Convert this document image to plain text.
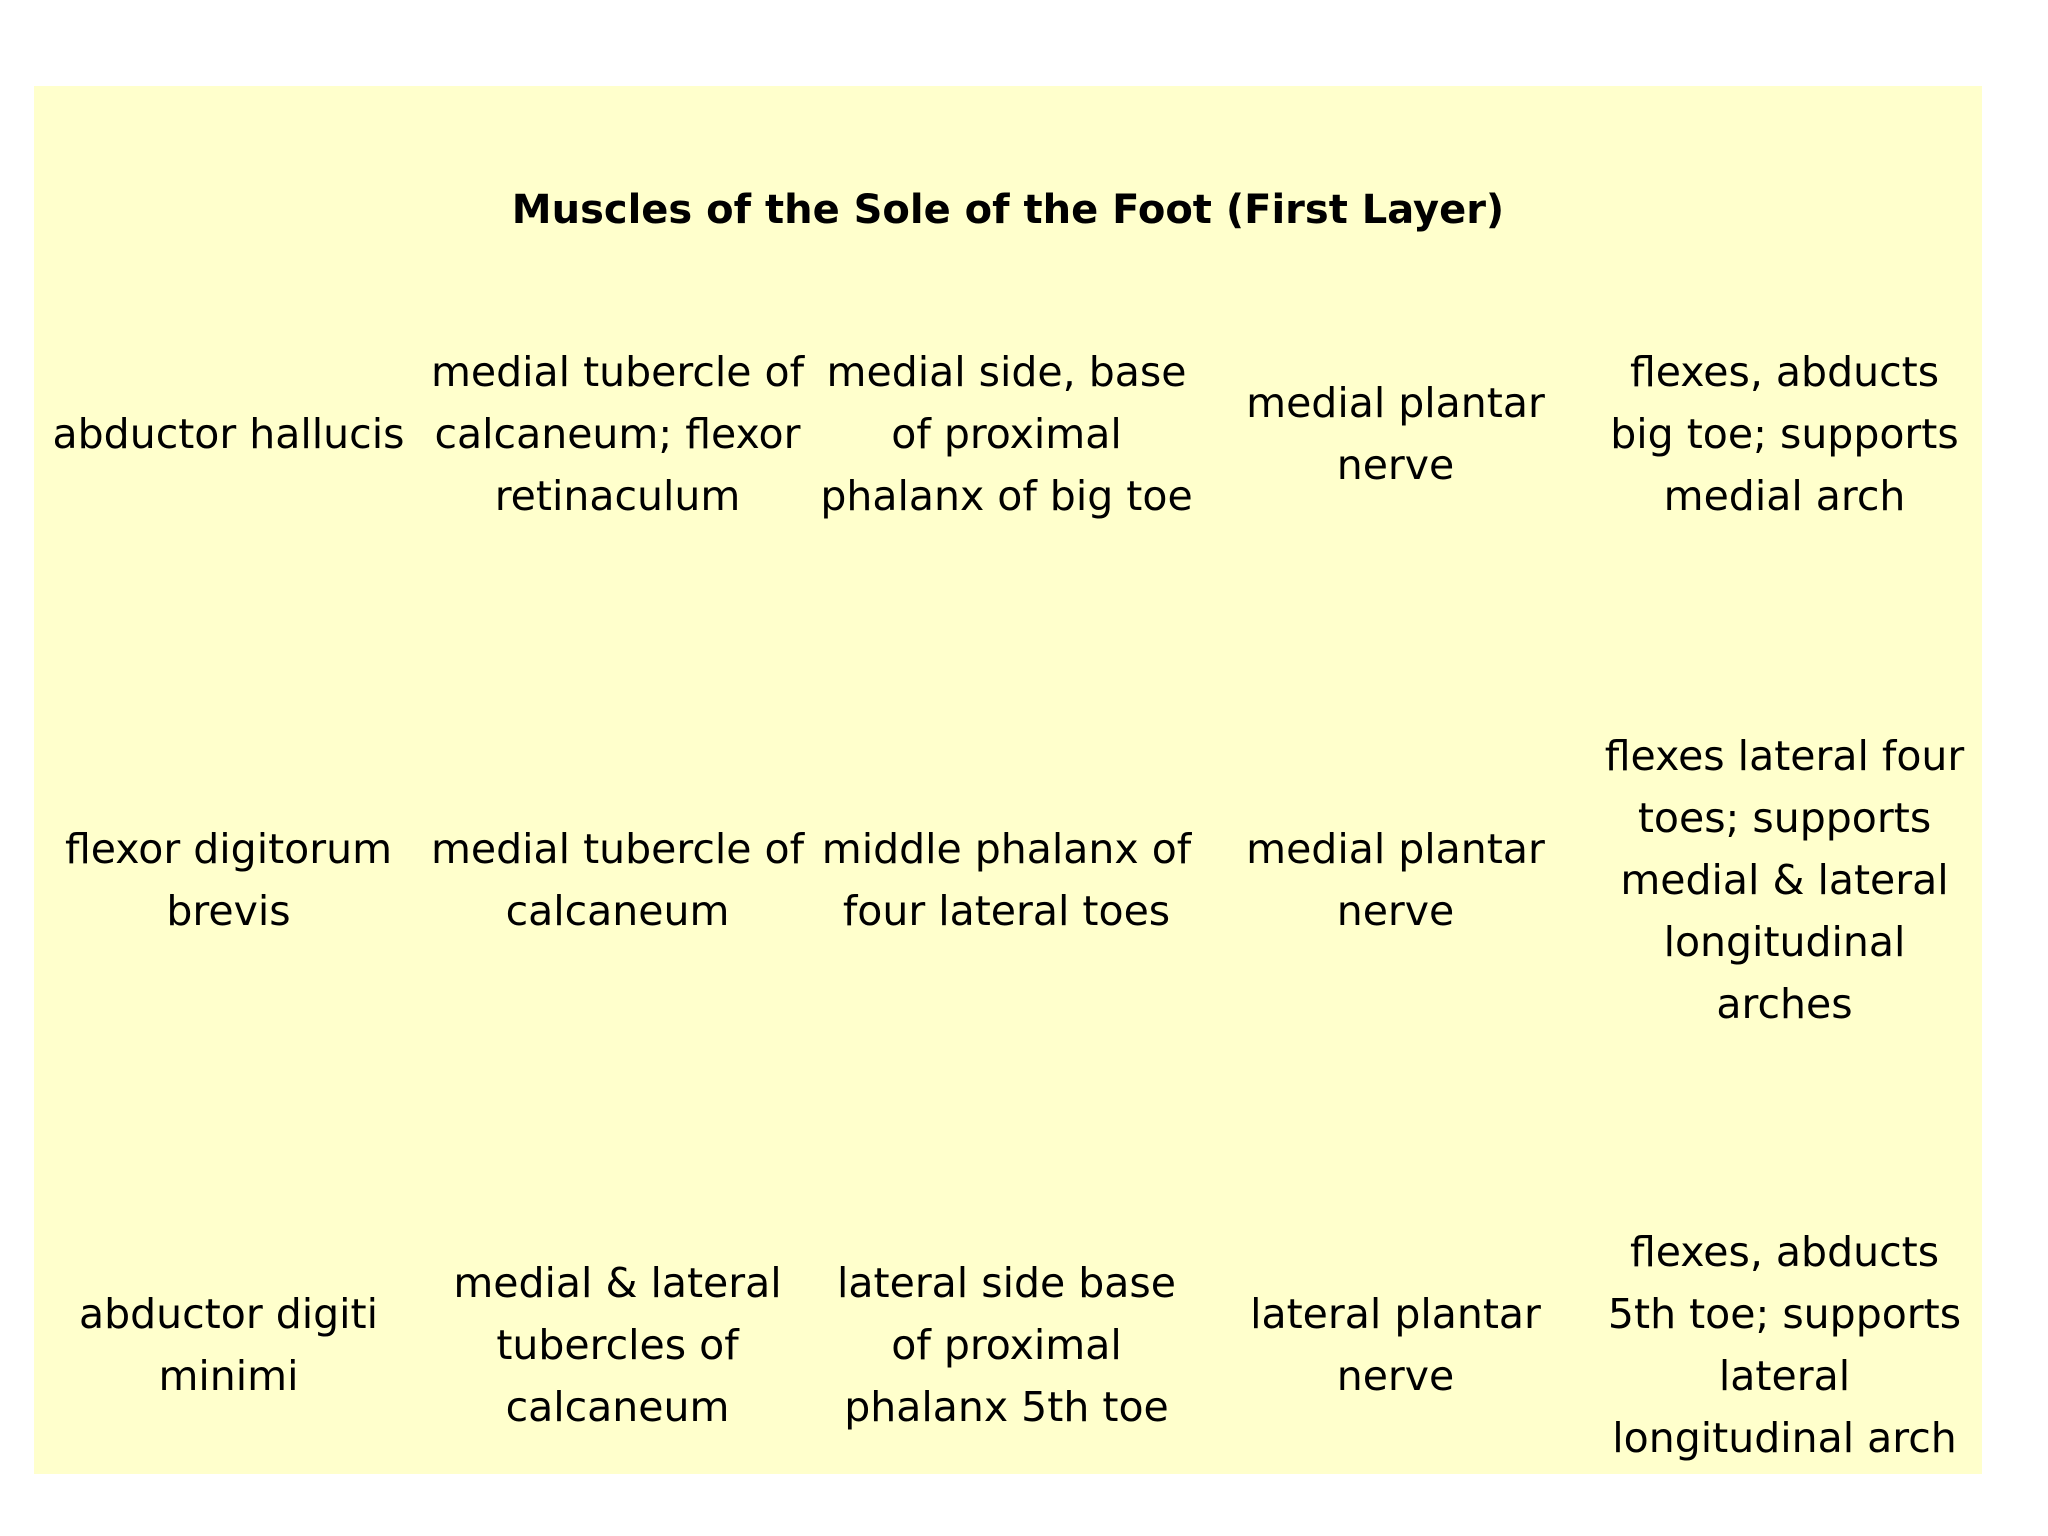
Muscles of the Sole of the Foot (First Layer)
abductor hallucis
medial tubercle of calcaneum; flexor retinaculum
medial side, base of proximal phalanx of big toe
medial plantar nerve
flexes, abducts big toe; supports medial arch
flexor digitorum brevis
medial tubercle of calcaneum
middle phalanx of four lateral toes
medial plantar nerve
flexes lateral four toes; supports medial & lateral longitudinal arches
abductor digiti minimi
medial & lateral tubercles of calcaneum
lateral side base of proximal phalanx 5th toe
lateral plantar nerve
flexes, abducts 5th toe; supports lateral longitudinal arch
